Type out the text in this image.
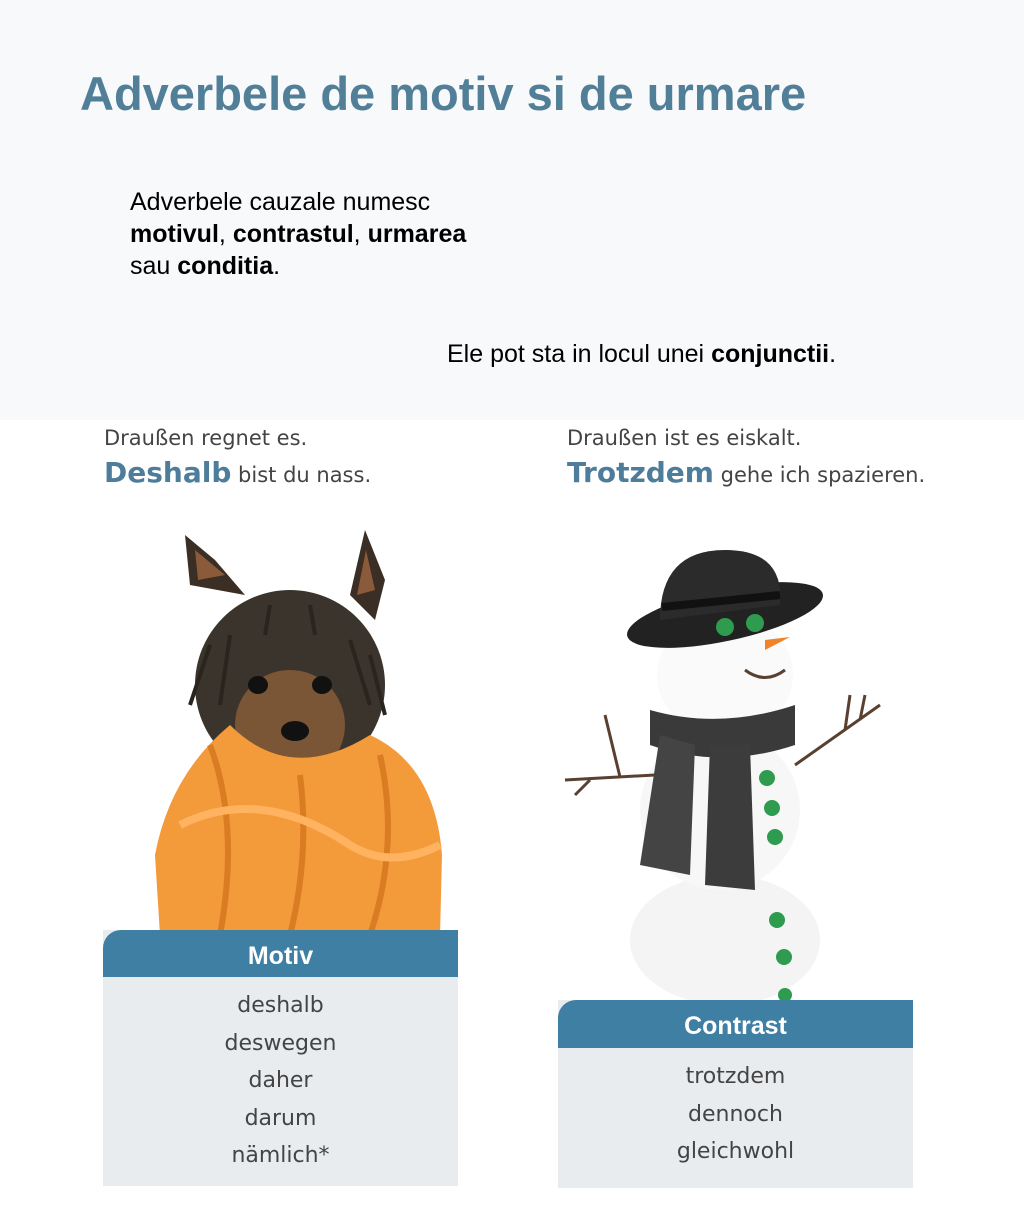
Adverbele de motiv si de urmare
Adverbele cauzale numesc
motivul, contrastul, urmarea
sau conditia.
Ele pot sta in locul unei conjunctii.
Draußen regnet es.
Deshalb bist du nass.
Draußen ist es eiskalt.
Trotzdem gehe ich spazieren.
Motiv
deshalb
deswegen
daher
darum
nämlich*
Contrast
trotzdem
dennoch
gleichwohl
